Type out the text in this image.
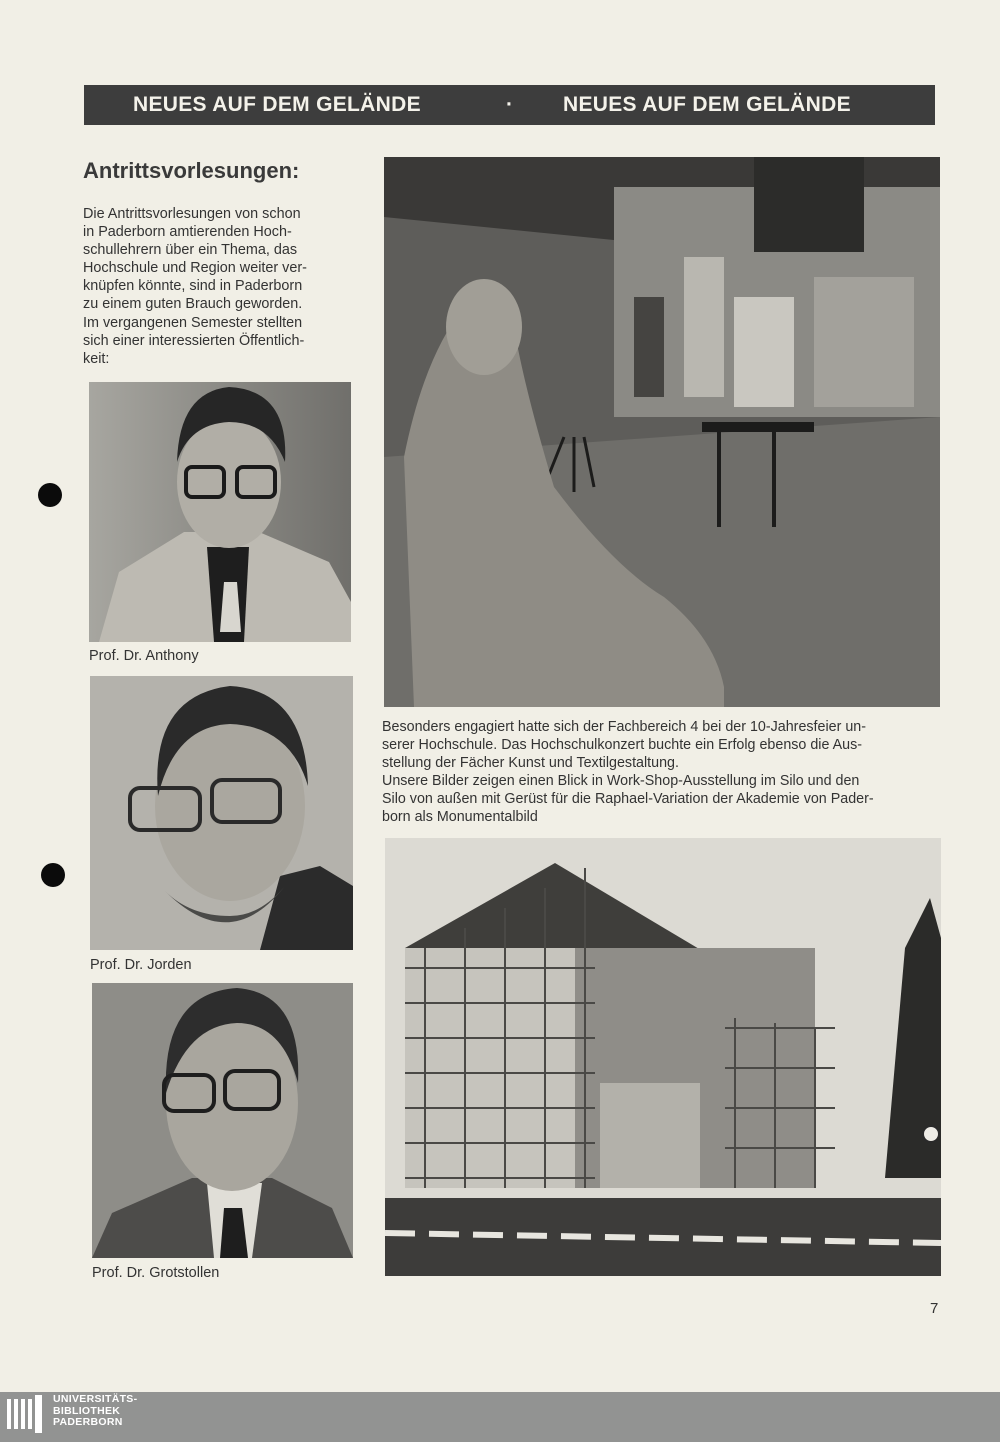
NEUES AUF DEM GELÄNDE	· NEUES AUF DEM GELÄNDE
Antrittsvorlesungen:
Die Antrittsvorlesungen von schon
in Paderborn amtierenden Hoch-
schullehrern über ein Thema, das
Hochschule und Region weiter ver-
knüpfen könnte, sind in Paderborn
zu einem guten Brauch geworden.
Im vergangenen Semester stellten
sich einer interessierten Öffentlich-
keit:
Prof. Dr. Anthony
Prof. Dr. Jorden
Prof. Dr. Grotstollen
Besonders engagiert hatte sich der Fachbereich 4 bei der 10-Jahresfeier un-
serer Hochschule. Das Hochschulkonzert buchte ein Erfolg ebenso die Aus-
stellung der Fächer Kunst und Textilgestaltung.
Unsere Bilder zeigen einen Blick in Work-Shop-Ausstellung im Silo und den
Silo von außen mit Gerüst für die Raphael-Variation der Akademie von Pader-
born als Monumentalbild
7
UNIVERSITÄTS-
BIBLIOTHEK
PADERBORN
